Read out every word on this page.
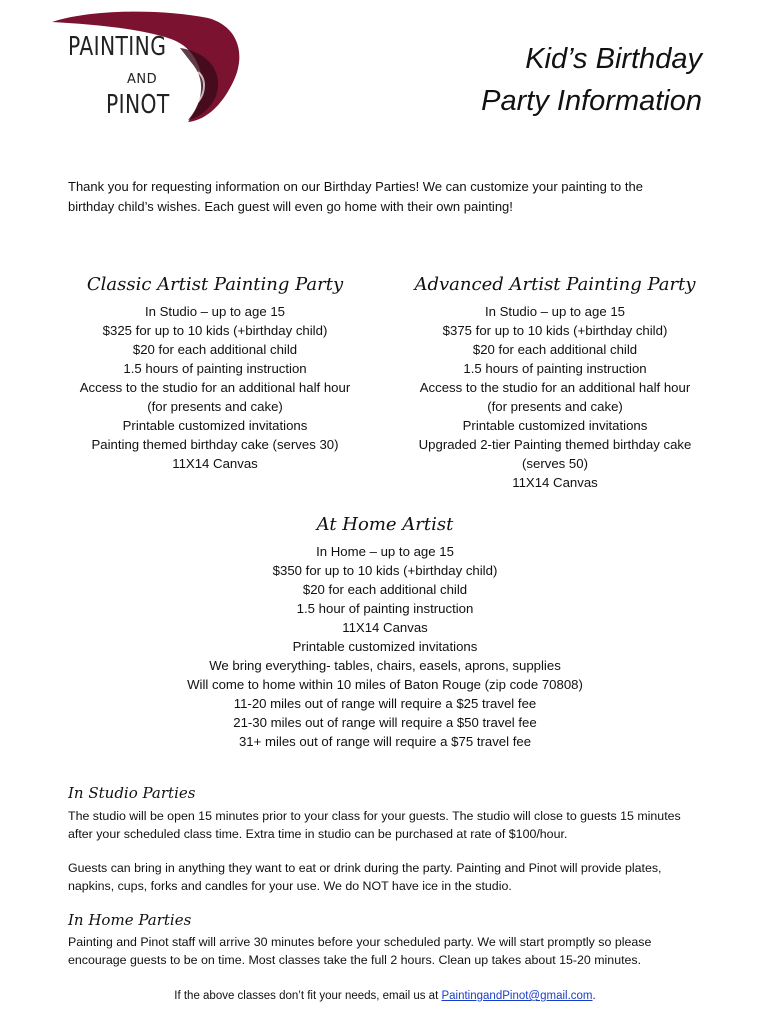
PAINTING
AND
PINOT
Kid’s Birthday
Party Information
Thank you for requesting information on our Birthday Parties! We can customize your painting to the
birthday child’s wishes. Each guest will even go home with their own painting!
Classic Artist Painting Party
In Studio – up to age 15
$325 for up to 10 kids (+birthday child)
$20 for each additional child
1.5 hours of painting instruction
Access to the studio for an additional half hour
(for presents and cake)
Printable customized invitations
Painting themed birthday cake (serves 30)
11X14 Canvas
Advanced Artist Painting Party
In Studio – up to age 15
$375 for up to 10 kids (+birthday child)
$20 for each additional child
1.5 hours of painting instruction
Access to the studio for an additional half hour
(for presents and cake)
Printable customized invitations
Upgraded 2-tier Painting themed birthday cake
(serves 50)
11X14 Canvas
At Home Artist
In Home – up to age 15
$350 for up to 10 kids (+birthday child)
$20 for each additional child
1.5 hour of painting instruction
11X14 Canvas
Printable customized invitations
We bring everything- tables, chairs, easels, aprons, supplies
Will come to home within 10 miles of Baton Rouge (zip code 70808)
11-20 miles out of range will require a $25 travel fee
21-30 miles out of range will require a $50 travel fee
31+ miles out of range will require a $75 travel fee
In Studio Parties
The studio will be open 15 minutes prior to your class for your guests. The studio will close to guests 15 minutes
after your scheduled class time. Extra time in studio can be purchased at rate of $100/hour.
Guests can bring in anything they want to eat or drink during the party. Painting and Pinot will provide plates,
napkins, cups, forks and candles for your use. We do NOT have ice in the studio.
In Home Parties
Painting and Pinot staff will arrive 30 minutes before your scheduled party. We will start promptly so please
encourage guests to be on time. Most classes take the full 2 hours. Clean up takes about 15-20 minutes.
If the above classes don’t fit your needs, email us at PaintingandPinot@gmail.com.
